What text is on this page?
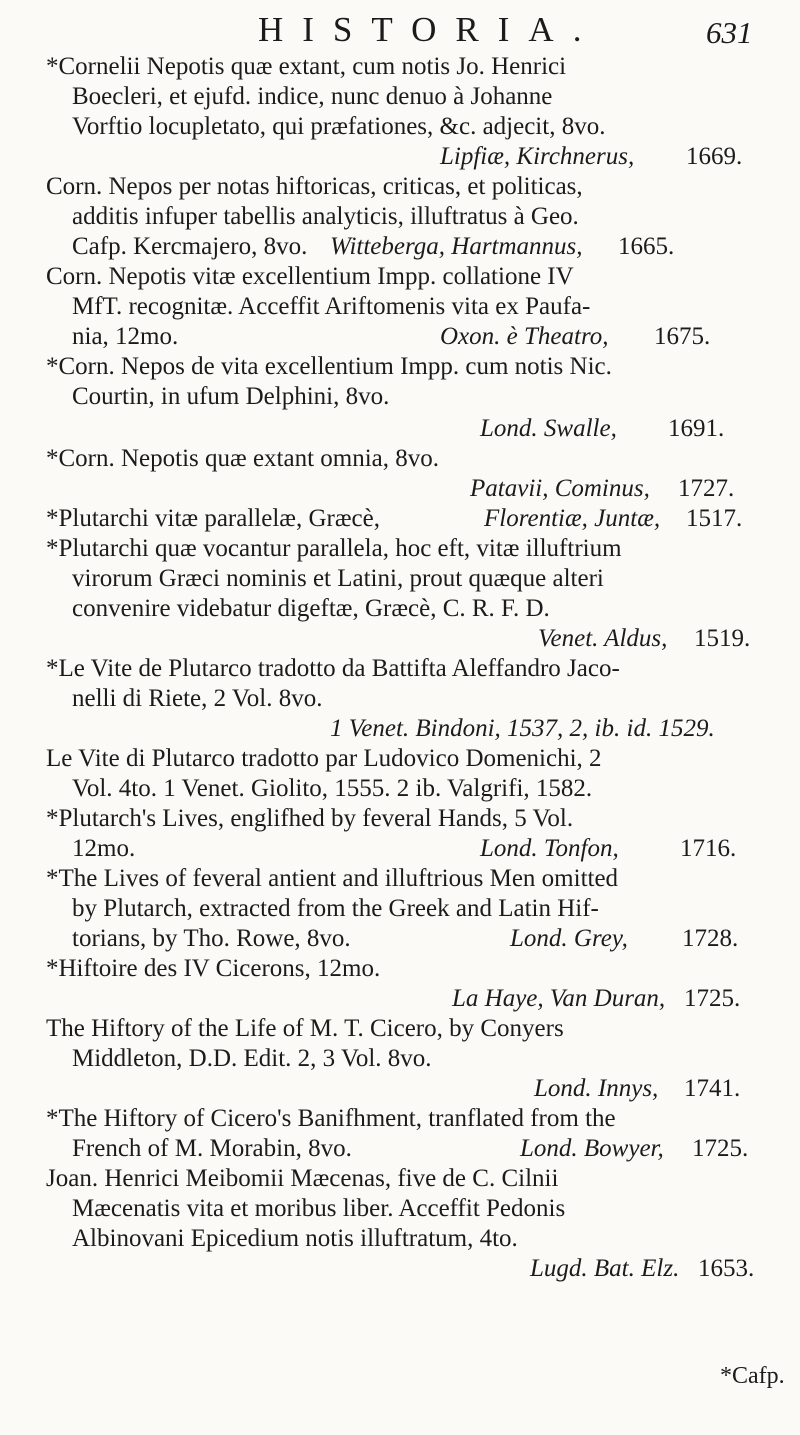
HISTORIA.	631
*Cornelii Nepotis quæ extant, cum notis Jo. Henrici
Boecleri, et ejufd. indice, nunc denuo à Johanne
Vorftio locupletato, qui præfationes, &c. adjecit, 8vo.
Lipfiæ, Kirchnerus, 1669.
Corn. Nepos per notas hiftoricas, criticas, et politicas,
additis infuper tabellis analyticis, illuftratus à Geo.
Cafp. Kercmajero, 8vo. Witteberga, Hartmannus, 1665.
Corn. Nepotis vitæ excellentium Impp. collatione IV
MfT. recognitæ. Acceffit Ariftomenis vita ex Paufa-
nia, 12mo.	Oxon. è Theatro, 1675.
*Corn. Nepos de vita excellentium Impp. cum notis Nic.
Courtin, in ufum Delphini, 8vo.
Lond. Swalle, 1691.
*Corn. Nepotis quæ extant omnia, 8vo.
Patavii, Cominus, 1727.
*Plutarchi vitæ parallelæ, Græcè,	Florentiæ, Juntæ, 1517.
*Plutarchi quæ vocantur parallela, hoc eft, vitæ illuftrium
virorum Græci nominis et Latini, prout quæque alteri
convenire videbatur digeftæ, Græcè, C. R. F. D.
Venet. Aldus, 1519.
*Le Vite de Plutarco tradotto da Battifta Aleffandro Jaco-
nelli di Riete, 2 Vol. 8vo.
1 Venet. Bindoni, 1537, 2, ib. id. 1529.
Le Vite di Plutarco tradotto par Ludovico Domenichi, 2
Vol. 4to. 1 Venet. Giolito, 1555. 2 ib. Valgrifi, 1582.
*Plutarch's Lives, englifhed by feveral Hands, 5 Vol.
12mo.	Lond. Tonfon, 1716.
*The Lives of feveral antient and illuftrious Men omitted
by Plutarch, extracted from the Greek and Latin Hif-
torians, by Tho. Rowe, 8vo.	Lond. Grey, 1728.
*Hiftoire des IV Cicerons, 12mo.
La Haye, Van Duran, 1725.
The Hiftory of the Life of M. T. Cicero, by Conyers
Middleton, D.D. Edit. 2, 3 Vol. 8vo.
Lond. Innys, 1741.
*The Hiftory of Cicero's Banifhment, tranflated from the
French of M. Morabin, 8vo.	Lond. Bowyer, 1725.
Joan. Henrici Meibomii Mæcenas, five de C. Cilnii
Mæcenatis vita et moribus liber. Acceffit Pedonis
Albinovani Epicedium notis illuftratum, 4to.
Lugd. Bat. Elz. 1653.
*Cafp.
